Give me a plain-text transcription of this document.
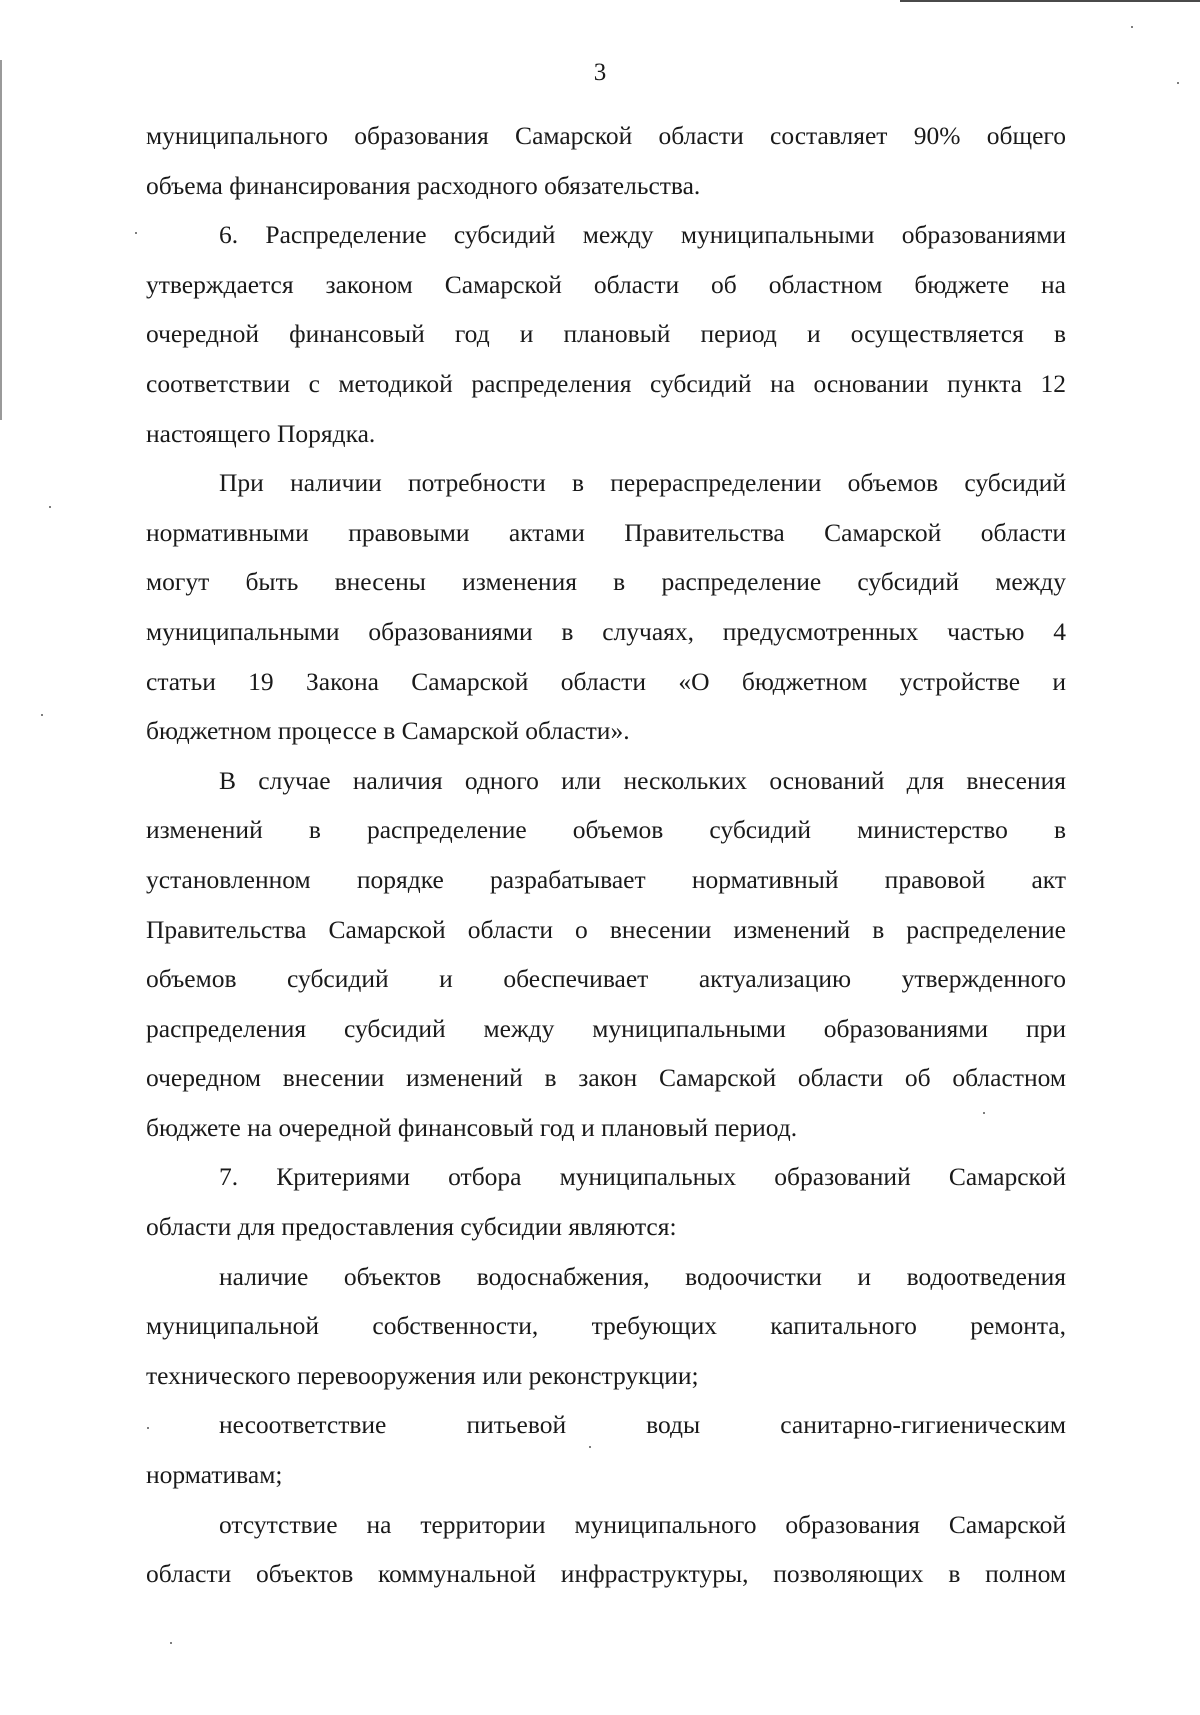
3

муниципального образования Самарской области составляет 90% общего
объема финансирования расходного обязательства.

6. Распределение субсидий между муниципальными образованиями
утверждается законом Самарской области об областном бюджете на
очередной финансовый год и плановый период и осуществляется в
соответствии с методикой распределения субсидий на основании пункта 12
настоящего Порядка.

При наличии потребности в перераспределении объемов субсидий
нормативными правовыми актами Правительства Самарской области
могут быть внесены изменения в распределение субсидий между
муниципальными образованиями в случаях, предусмотренных частью 4
статьи 19 Закона Самарской области «О бюджетном устройстве и
бюджетном процессе в Самарской области».

В случае наличия одного или нескольких оснований для внесения
изменений в распределение объемов субсидий министерство в
установленном порядке разрабатывает нормативный правовой акт
Правительства Самарской области о внесении изменений в распределение
объемов субсидий и обеспечивает актуализацию утвержденного
распределения субсидий между муниципальными образованиями при
очередном внесении изменений в закон Самарской области об областном
бюджете на очередной финансовый год и плановый период.

7. Критериями отбора муниципальных образований Самарской
области для предоставления субсидии являются:

наличие объектов водоснабжения, водоочистки и водоотведения
муниципальной собственности, требующих капитального ремонта,
технического перевооружения или реконструкции;

несоответствие питьевой воды санитарно-гигиеническим
нормативам;

отсутствие на территории муниципального образования Самарской
области объектов коммунальной инфраструктуры, позволяющих в полном
